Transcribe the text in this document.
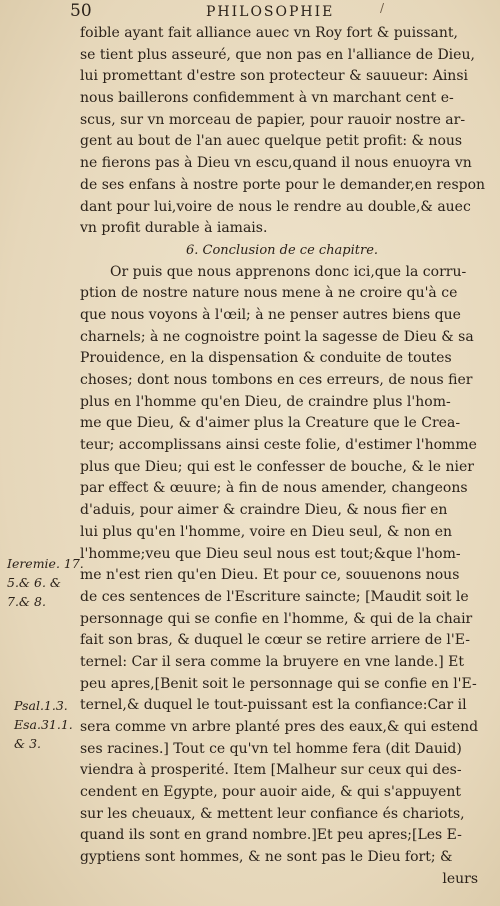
50	PHILOSOPHIE	/
Ieremie. 17.
5.& 6. &
7.& 8.
Psal.1.3.
Esa.31.1.
& 3.
foible ayant fait alliance auec vn Roy fort & puissant,
se tient plus asseuré, que non pas en l'alliance de Dieu,
lui promettant d'estre son protecteur & sauueur: Ainsi
nous baillerons confidemment à vn marchant cent e-
scus, sur vn morceau de papier, pour rauoir nostre ar-
gent au bout de l'an auec quelque petit profit: & nous
ne fierons pas à Dieu vn escu,quand il nous enuoyra vn
de ses enfans à nostre porte pour le demander,en respon
dant pour lui,voire de nous le rendre au double,& auec
vn profit durable à iamais.
6. Conclusion de ce chapitre.
Or puis que nous apprenons donc ici,que la corru-
ption de nostre nature nous mene à ne croire qu'à ce
que nous voyons à l'œil; à ne penser autres biens que
charnels; à ne cognoistre point la sagesse de Dieu & sa
Prouidence, en la dispensation & conduite de toutes
choses; dont nous tombons en ces erreurs, de nous fier
plus en l'homme qu'en Dieu, de craindre plus l'hom-
me que Dieu, & d'aimer plus la Creature que le Crea-
teur; accomplissans ainsi ceste folie, d'estimer l'homme
plus que Dieu; qui est le confesser de bouche, & le nier
par effect & œuure; à fin de nous amender, changeons
d'aduis, pour aimer & craindre Dieu, & nous fier en
lui plus qu'en l'homme, voire en Dieu seul, & non en
l'homme;veu que Dieu seul nous est tout;&que l'hom-
me n'est rien qu'en Dieu. Et pour ce, souuenons nous
de ces sentences de l'Escriture saincte; [Maudit soit le
personnage qui se confie en l'homme, & qui de la chair
fait son bras, & duquel le cœur se retire arriere de l'E-
ternel: Car il sera comme la bruyere en vne lande.] Et
peu apres,[Benit soit le personnage qui se confie en l'E-
ternel,& duquel le tout-puissant est la confiance:Car il
sera comme vn arbre planté pres des eaux,& qui estend
ses racines.] Tout ce qu'vn tel homme fera (dit Dauid)
viendra à prosperité. Item [Malheur sur ceux qui des-
cendent en Egypte, pour auoir aide, & qui s'appuyent
sur les cheuaux, & mettent leur confiance és chariots,
quand ils sont en grand nombre.]Et peu apres;[Les E-
gyptiens sont hommes, & ne sont pas le Dieu fort; &
leurs
